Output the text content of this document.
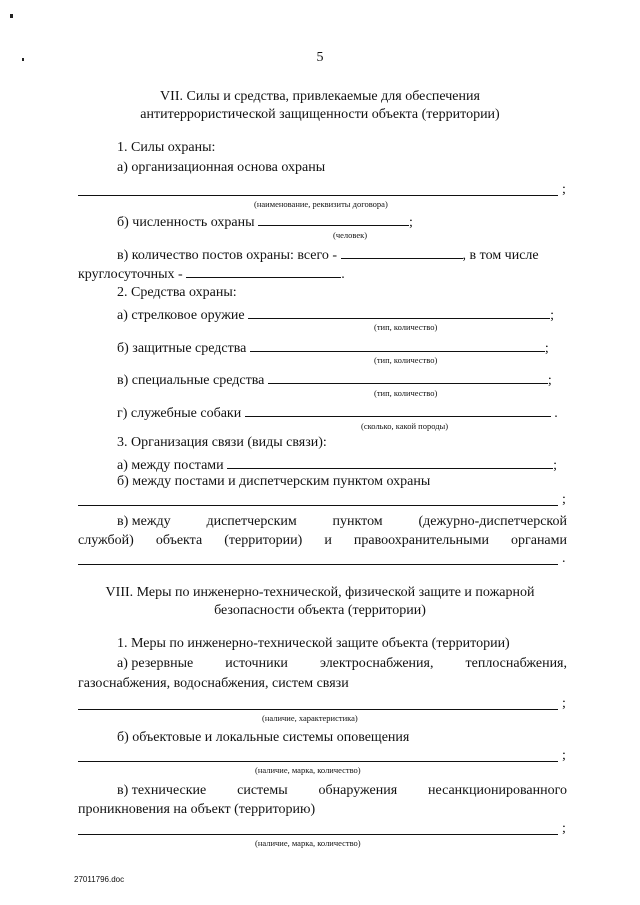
5
VII. Силы и средства, привлекаемые для обеспечения
антитеррористической защищенности объекта (территории)
1. Силы охраны:
а) организационная основа охраны
;
(наименование, реквизиты договора)
б) численность охраны	;
(человек)
в) количество постов охраны: всего -	, в том числе
круглосуточных -	.
2. Средства охраны:
а) стрелковое оружие	;
(тип, количество)
б) защитные средства	;
(тип, количество)
в) специальные средства	;
(тип, количество)
г) служебные собаки	.
(сколько, какой породы)
3. Организация связи (виды связи):
а) между постами	;
б) между постами и диспетчерским пунктом охраны
;
в) между	диспетчерским	пунктом	(дежурно-диспетчерской
службой) объекта (территории) и правоохранительными органами
.
VIII. Меры по инженерно-технической, физической защите и пожарной
безопасности объекта (территории)
1. Меры по инженерно-технической защите объекта (территории)
а) резервные источники электроснабжения, теплоснабжения,
газоснабжения, водоснабжения, систем связи
;
(наличие, характеристика)
б) объектовые и локальные системы оповещения
;
(наличие, марка, количество)
в) технические системы обнаружения несанкционированного
проникновения на объект (территорию)
;
(наличие, марка, количество)
27011796.doc
